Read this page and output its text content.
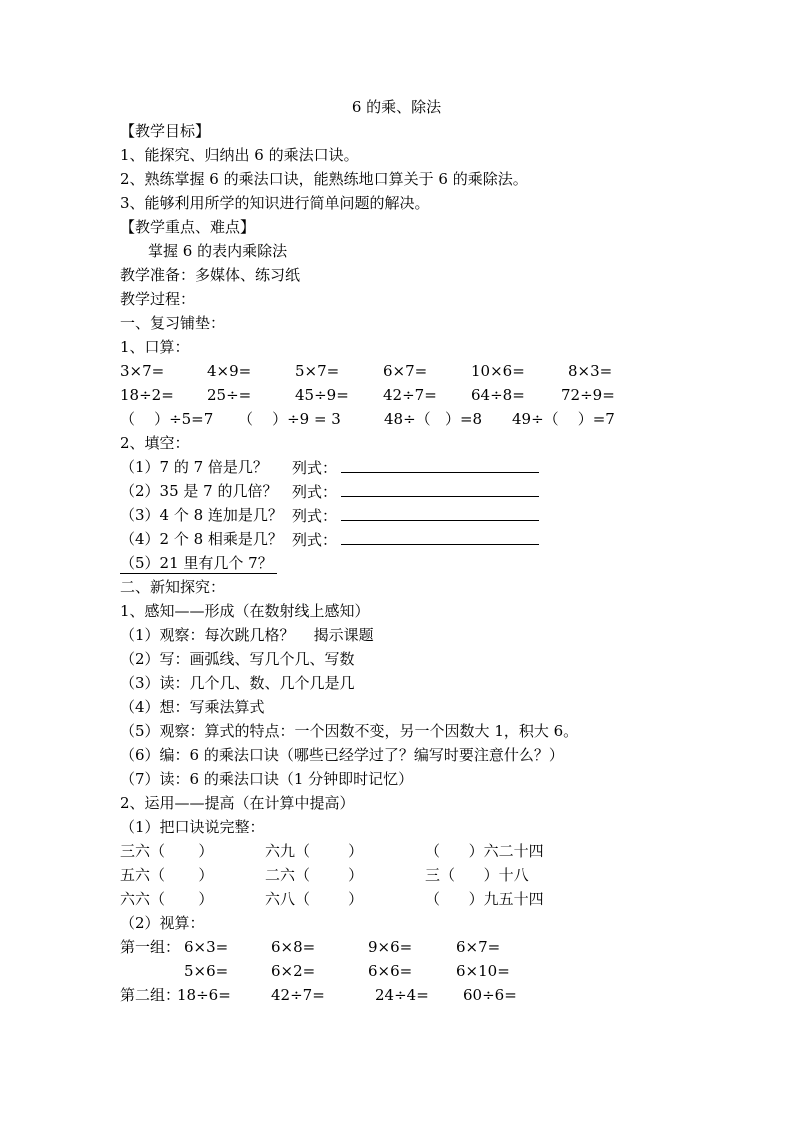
6 的乘、除法
【教学目标】
1、能探究、归纳出 6 的乘法口诀。
2、熟练掌握 6 的乘法口诀，能熟练地口算关于 6 的乘除法。
3、能够利用所学的知识进行简单问题的解决。
【教学重点、难点】
掌握 6 的表内乘除法
教学准备：多媒体、练习纸
教学过程：
一、复习铺垫：
1、口算：
3×7=	4×9=	5×7=	6×7=	10×6=	8×3=
18÷2= 25÷=	45÷9= 42÷7= 64÷8= 72÷9=
（    ）÷5=7 （    ）÷9 = 3	48÷（   ）=8 49÷（    ）=7
2、填空：
（1）7 的 7 倍是几？ 列式：
（2）35 是 7 的几倍？ 列式：
（3）4 个 8 连加是几？ 列式：
（4）2 个 8 相乘是几？ 列式：
（5）21 里有几个 7？
二、新知探究：
1、感知——形成（在数射线上感知）
（1）观察：每次跳几格？    揭示课题
（2）写：画弧线、写几个几、写数
（3）读：几个几、数、几个几是几
（4）想：写乘法算式
（5）观察：算式的特点：一个因数不变，另一个因数大 1，积大 6。
（6）编：6 的乘法口诀（哪些已经学过了？编写时要注意什么？）
（7）读：6 的乘法口诀（1 分钟即时记忆）
2、运用——提高（在计算中提高）
（1）把口诀说完整：
三六（       ）	六九（        ）	（      ）六二十四
五六（       ）	二六（        ）	三（      ）十八
六六（       ）	六八（        ）	（      ）九五十四
（2）视算：
第一组： 6×3=	6×8=	9×6=	6×7=
5×6=	6×2=	6×6=	6×10=
第二组：
18÷6=	42÷7=	24÷4= 60÷6=
